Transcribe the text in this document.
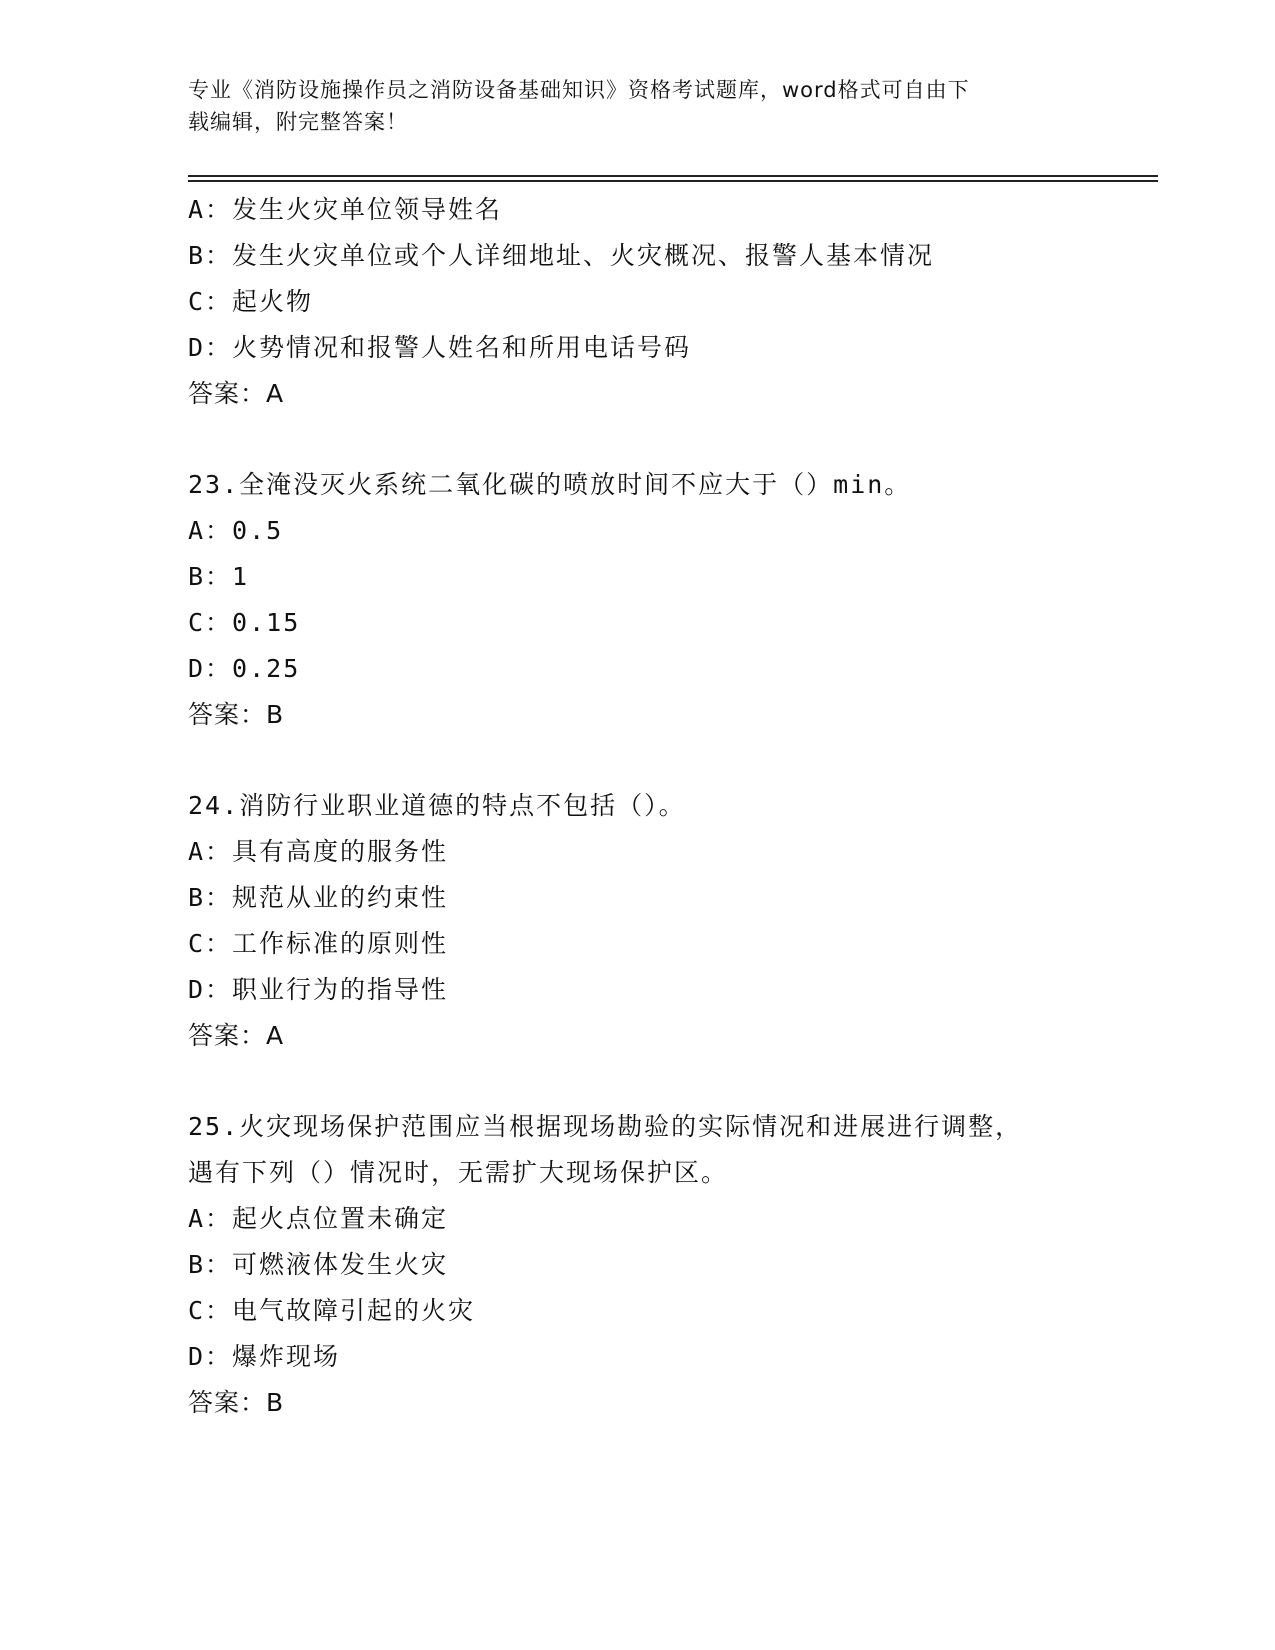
专业《消防设施操作员之消防设备基础知识》资格考试题库，word格式可自由下
载编辑，附完整答案！
A：发生火灾单位领导姓名
B：发生火灾单位或个人详细地址、火灾概况、报警人基本情况
C：起火物
D：火势情况和报警人姓名和所用电话号码
答案：A
23.全淹没灭火系统二氧化碳的喷放时间不应大于（）min。
A：0.5
B：1
C：0.15
D：0.25
答案：B
24.消防行业职业道德的特点不包括（）。
A：具有高度的服务性
B：规范从业的约束性
C：工作标准的原则性
D：职业行为的指导性
答案：A
25.火灾现场保护范围应当根据现场勘验的实际情况和进展进行调整，
遇有下列（）情况时，无需扩大现场保护区。
A：起火点位置未确定
B：可燃液体发生火灾
C：电气故障引起的火灾
D：爆炸现场
答案：B
